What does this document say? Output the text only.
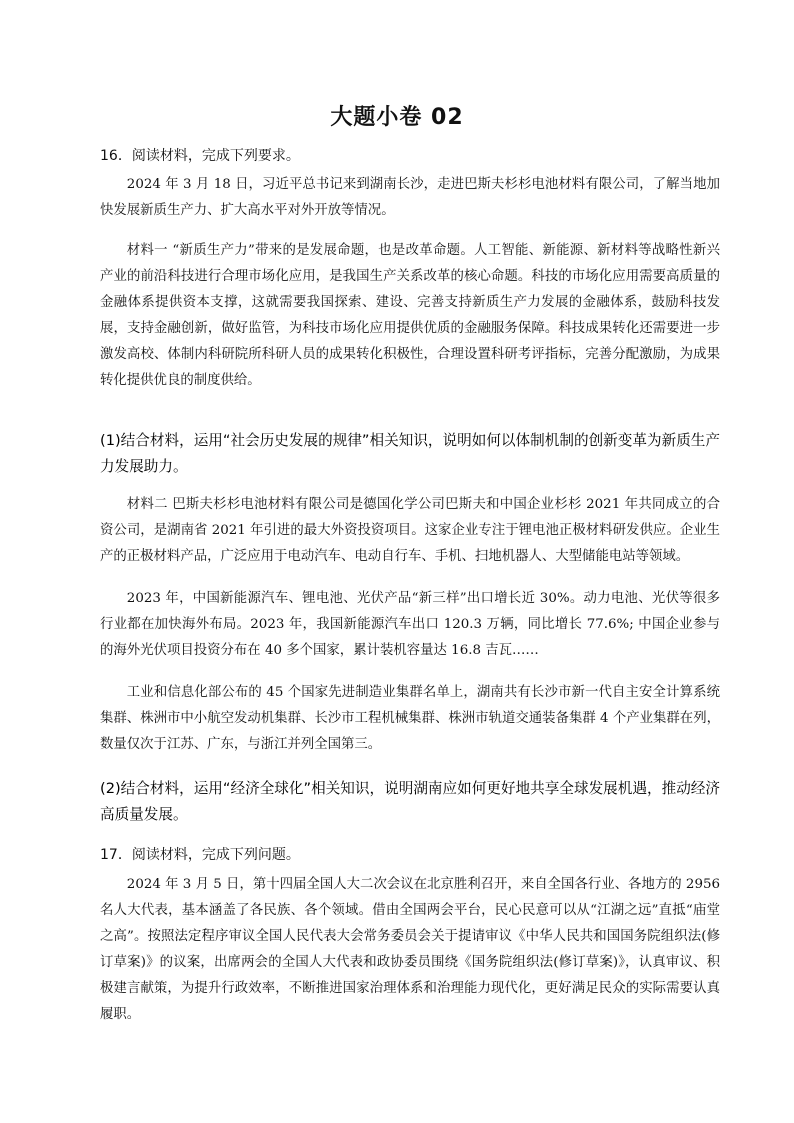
大题小卷 02
16．阅读材料，完成下列要求。
2024 年 3 月 18 日，习近平总书记来到湖南长沙，走进巴斯夫杉杉电池材料有限公司，了解当地加快发展新质生产力、扩大高水平对外开放等情况。
材料一 “新质生产力”带来的是发展命题，也是改革命题。人工智能、新能源、新材料等战略性新兴产业的前沿科技进行合理市场化应用，是我国生产关系改革的核心命题。科技的市场化应用需要高质量的金融体系提供资本支撑，这就需要我国探索、建设、完善支持新质生产力发展的金融体系，鼓励科技发展，支持金融创新，做好监管，为科技市场化应用提供优质的金融服务保障。科技成果转化还需要进一步激发高校、体制内科研院所科研人员的成果转化积极性，合理设置科研考评指标，完善分配激励，为成果转化提供优良的制度供给。
(1)结合材料，运用“社会历史发展的规律”相关知识，说明如何以体制机制的创新变革为新质生产力发展助力。
材料二 巴斯夫杉杉电池材料有限公司是德国化学公司巴斯夫和中国企业杉杉 2021 年共同成立的合资公司，是湖南省 2021 年引进的最大外资投资项目。这家企业专注于锂电池正极材料研发供应。企业生产的正极材料产品，广泛应用于电动汽车、电动自行车、手机、扫地机器人、大型储能电站等领域。
2023 年，中国新能源汽车、锂电池、光伏产品“新三样”出口增长近 30%。动力电池、光伏等很多行业都在加快海外布局。2023 年，我国新能源汽车出口 120.3 万辆，同比增长 77.6%; 中国企业参与的海外光伏项目投资分布在 40 多个国家，累计装机容量达 16.8 吉瓦……
工业和信息化部公布的 45 个国家先进制造业集群名单上，湖南共有长沙市新一代自主安全计算系统集群、株洲市中小航空发动机集群、长沙市工程机械集群、株洲市轨道交通装备集群 4 个产业集群在列，数量仅次于江苏、广东，与浙江并列全国第三。
(2)结合材料，运用“经济全球化”相关知识，说明湖南应如何更好地共享全球发展机遇，推动经济高质量发展。
17．阅读材料，完成下列问题。
2024 年 3 月 5 日，第十四届全国人大二次会议在北京胜利召开，来自全国各行业、各地方的 2956 名人大代表，基本涵盖了各民族、各个领域。借由全国两会平台，民心民意可以从“江湖之远”直抵“庙堂之高”。按照法定程序审议全国人民代表大会常务委员会关于提请审议《中华人民共和国国务院组织法(修订草案)》的议案，出席两会的全国人大代表和政协委员围绕《国务院组织法(修订草案)》，认真审议、积极建言献策，为提升行政效率，不断推进国家治理体系和治理能力现代化，更好满足民众的实际需要认真履职。
